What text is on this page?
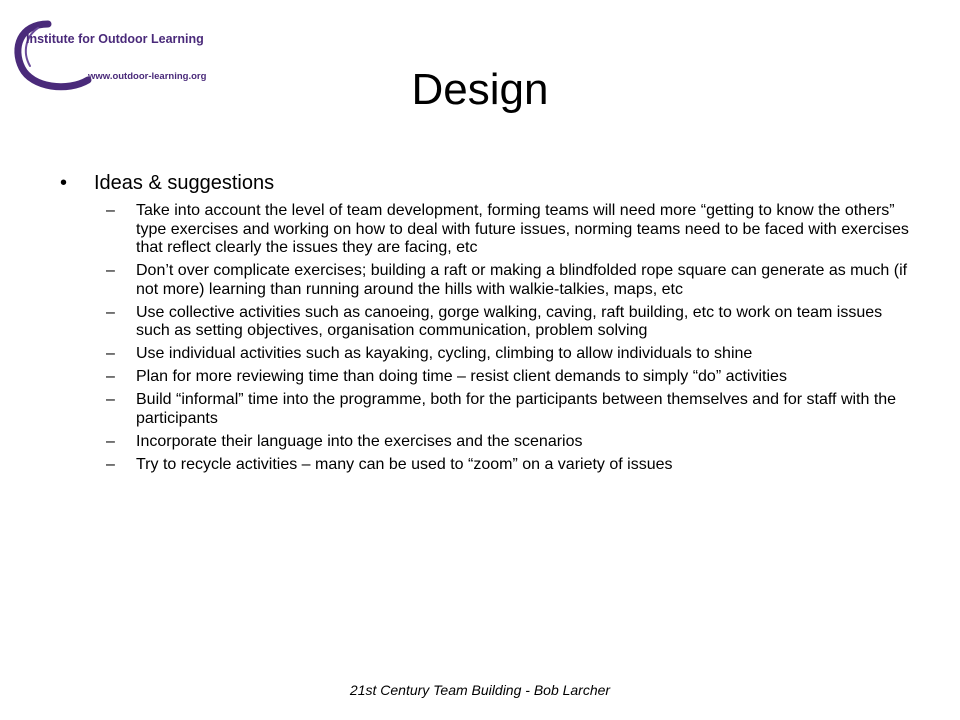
Institute for Outdoor Learning
www.outdoor-learning.org	Design
• Ideas & suggestions
– Take into account the level of team development, forming teams will need more “getting to know the others” type exercises and working on how to deal with future issues, norming teams need to be faced with exercises that reflect clearly the issues they are facing, etc
– Don’t over complicate exercises; building a raft or making a blindfolded rope square can generate as much (if not more) learning than running around the hills with walkie-talkies, maps, etc
– Use collective activities such as canoeing, gorge walking, caving, raft building, etc to work on team issues such as setting objectives, organisation communication, problem solving
– Use individual activities such as kayaking, cycling, climbing to allow individuals to shine
– Plan for more reviewing time than doing time – resist client demands to simply “do” activities
– Build “informal” time into the programme, both for the participants between themselves and for staff with the participants
– Incorporate their language into the exercises and the scenarios
– Try to recycle activities – many can be used to “zoom” on a variety of issues
21st Century Team Building - Bob Larcher
